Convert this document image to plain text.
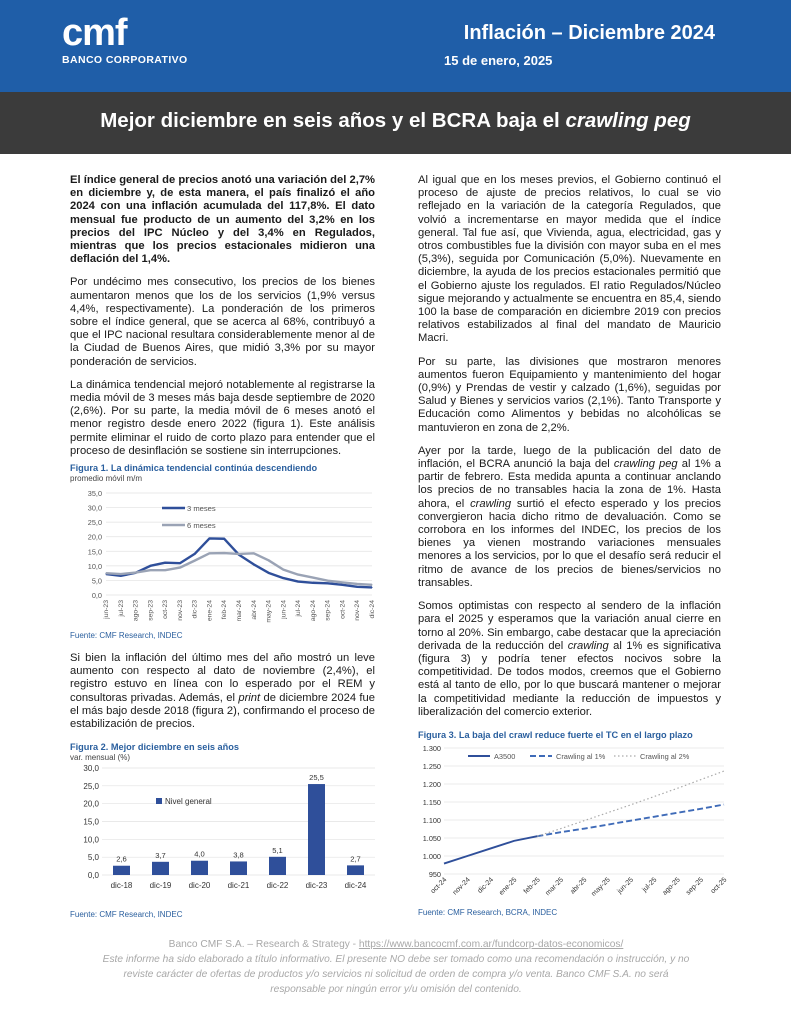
cmf
BANCO CORPORATIVO
Inflación – Diciembre 2024
15 de enero, 2025
Mejor diciembre en seis años y el BCRA baja el crawling peg

El índice general de precios anotó una variación del 2,7% en diciembre y, de esta manera, el país finalizó el año 2024 con una inflación acumulada del 117,8%. El dato mensual fue producto de un aumento del 3,2% en los precios del IPC Núcleo y del 3,4% en Regulados, mientras que los precios estacionales midieron una deflación del 1,4%.

Por undécimo mes consecutivo, los precios de los bienes aumentaron menos que los de los servicios (1,9% versus 4,4%, respectivamente). La ponderación de los primeros sobre el índice general, que se acerca al 68%, contribuyó a que el IPC nacional resultara considerablemente menor al de la Ciudad de Buenos Aires, que midió 3,3% por su mayor ponderación de servicios.

La dinámica tendencial mejoró notablemente al registrarse la media móvil de 3 meses más baja desde septiembre de 2020 (2,6%). Por su parte, la media móvil de 6 meses anotó el menor registro desde enero 2022 (figura 1). Este análisis permite eliminar el ruido de corto plazo para entender que el proceso de desinflación se sostiene sin interrupciones.

Figura 1. La dinámica tendencial continúa descendiendo
promedio móvil m/m
0,0
5,0
10,0
15,0
20,0
25,0
30,0
35,0
jun-23 jul-23 ago-23 sep-23 oct-23 nov-23 dic-23 ene-24 feb-24 mar-24 abr-24 may-24 jun-24 jul-24 ago-24 sep-24 oct-24 nov-24 dic-24
3 meses
6 meses
Fuente: CMF Research, INDEC

Si bien la inflación del último mes del año mostró un leve aumento con respecto al dato de noviembre (2,4%), el registro estuvo en línea con lo esperado por el REM y consultoras privadas. Además, el print de diciembre 2024 fue el más bajo desde 2018 (figura 2), confirmando el proceso de estabilización de precios.

Figura 2. Mejor diciembre en seis años
var. mensual (%)
0,0
5,0
10,0
15,0
20,0
25,0
30,0
2,6
dic-18
3,7
dic-19
4,0
dic-20
3,8
dic-21
5,1
dic-22
25,5
dic-23
2,7
dic-24
Nivel general
Fuente: CMF Research, INDEC

Al igual que en los meses previos, el Gobierno continuó el proceso de ajuste de precios relativos, lo cual se vio reflejado en la variación de la categoría Regulados, que volvió a incrementarse en mayor medida que el índice general. Tal fue así, que Vivienda, agua, electricidad, gas y otros combustibles fue la división con mayor suba en el mes (5,3%), seguida por Comunicación (5,0%). Nuevamente en diciembre, la ayuda de los precios estacionales permitió que el Gobierno ajuste los regulados. El ratio Regulados/Núcleo sigue mejorando y actualmente se encuentra en 85,4, siendo 100 la base de comparación en diciembre 2019 con precios relativos estabilizados al final del mandato de Mauricio Macri.

Por su parte, las divisiones que mostraron menores aumentos fueron Equipamiento y mantenimiento del hogar (0,9%) y Prendas de vestir y calzado (1,6%), seguidas por Salud y Bienes y servicios varios (2,1%). Tanto Transporte y Educación como Alimentos y bebidas no alcohólicas se mantuvieron en zona de 2,2%.

Ayer por la tarde, luego de la publicación del dato de inflación, el BCRA anunció la baja del crawling peg al 1% a partir de febrero. Esta medida apunta a continuar anclando los precios de no transables hacia la zona de 1%. Hasta ahora, el crawling surtió el efecto esperado y los precios convergieron hacia dicho ritmo de devaluación. Como se corrobora en los informes del INDEC, los precios de los bienes ya vienen mostrando variaciones mensuales menores a los servicios, por lo que el desafío será reducir el ritmo de avance de los precios de bienes/servicios no transables.

Somos optimistas con respecto al sendero de la inflación para el 2025 y esperamos que la variación anual cierre en torno al 20%. Sin embargo, cabe destacar que la apreciación derivada de la reducción del crawling al 1% es significativa (figura 3) y podría tener efectos nocivos sobre la competitividad. De todos modos, creemos que el Gobierno está al tanto de ello, por lo que buscará mantener o mejorar la competitividad mediante la reducción de impuestos y liberalización del comercio exterior.

Figura 3. La baja del crawl reduce fuerte el TC en el largo plazo
950
1.000
1.050
1.100
1.150
1.200
1.250
1.300
oct-24 nov-24 dic-24 ene-25 feb-25 mar-25 abr-25 may-25 jun-25 jul-25 ago-25 sep-25 oct-25
A3500	Crawling al 1%	Crawling al 2%
Fuente: CMF Research, BCRA, INDEC
Banco CMF S.A. – Research & Strategy - https://www.bancocmf.com.ar/fundcorp-datos-economicos/
Este informe ha sido elaborado a título informativo. El presente NO debe ser tomado como una recomendación o instrucción, y no reviste carácter de ofertas de productos y/o servicios ni solicitud de orden de compra y/o venta. Banco CMF S.A. no será responsable por ningún error y/u omisión del contenido.
